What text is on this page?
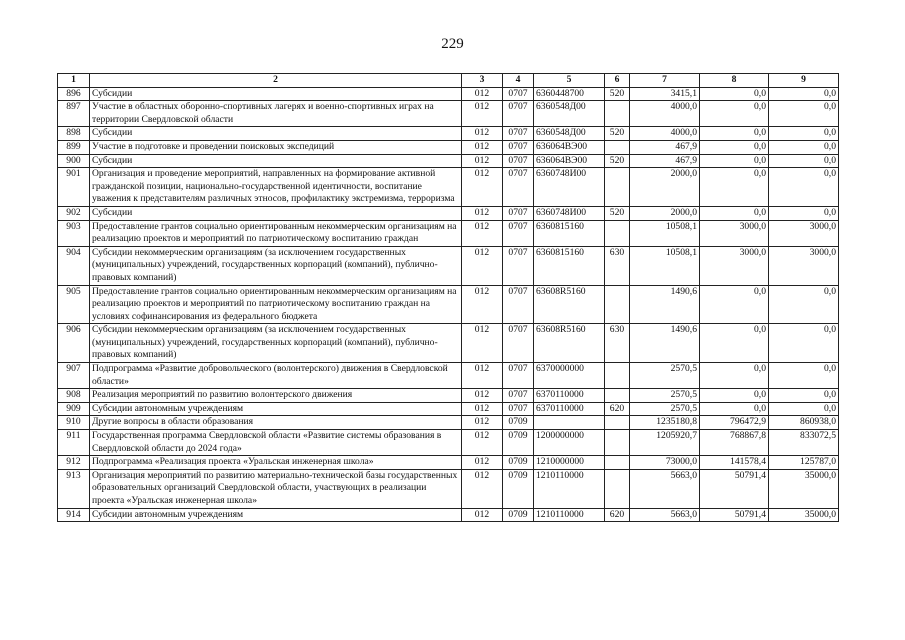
229
1	2	3	4	5	6	7	8	9
896	Субсидии	012	0707	6360448700	520	3415,1	0,0	0,0
897	Участие в областных оборонно-спортивных лагерях и военно-спортивных играх на территории Свердловской области	012	0707	6360548Д00		4000,0	0,0	0,0
898	Субсидии	012	0707	6360548Д00	520	4000,0	0,0	0,0
899	Участие в подготовке и проведении поисковых экспедиций	012	0707	636064ВЭ00		467,9	0,0	0,0
900	Субсидии	012	0707	636064ВЭ00	520	467,9	0,0	0,0
901	Организация и проведение мероприятий, направленных на формирование активной гражданской позиции, национально-государственной идентичности, воспитание уважения к представителям различных этносов, профилактику экстремизма, терроризма	012	0707	6360748И00		2000,0	0,0	0,0
902	Субсидии	012	0707	6360748И00	520	2000,0	0,0	0,0
903	Предоставление грантов социально ориентированным некоммерческим организациям на реализацию проектов и мероприятий по патриотическому воспитанию граждан	012	0707	6360815160		10508,1	3000,0	3000,0
904	Субсидии некоммерческим организациям (за исключением государственных (муниципальных) учреждений, государственных корпораций (компаний), публично-правовых компаний)	012	0707	6360815160	630	10508,1	3000,0	3000,0
905	Предоставление грантов социально ориентированным некоммерческим организациям на реализацию проектов и мероприятий по патриотическому воспитанию граждан на условиях софинансирования из федерального бюджета	012	0707	63608R5160		1490,6	0,0	0,0
906	Субсидии некоммерческим организациям (за исключением государственных (муниципальных) учреждений, государственных корпораций (компаний), публично-правовых компаний)	012	0707	63608R5160	630	1490,6	0,0	0,0
907	Подпрограмма «Развитие добровольческого (волонтерского) движения в Свердловской области»	012	0707	6370000000		2570,5	0,0	0,0
908	Реализация мероприятий по развитию волонтерского движения	012	0707	6370110000		2570,5	0,0	0,0
909	Субсидии автономным учреждениям	012	0707	6370110000	620	2570,5	0,0	0,0
910	Другие вопросы в области образования	012	0709			1235180,8	796472,9	860938,0
911	Государственная программа Свердловской области «Развитие системы образования в Свердловской области до 2024 года»	012	0709	1200000000		1205920,7	768867,8	833072,5
912	Подпрограмма «Реализация проекта «Уральская инженерная школа»	012	0709	1210000000		73000,0	141578,4	125787,0
913	Организация мероприятий по развитию материально-технической базы государственных образовательных организаций Свердловской области, участвующих в реализации проекта «Уральская инженерная школа»	012	0709	1210110000		5663,0	50791,4	35000,0
914	Субсидии автономным учреждениям	012	0709	1210110000	620	5663,0	50791,4	35000,0
